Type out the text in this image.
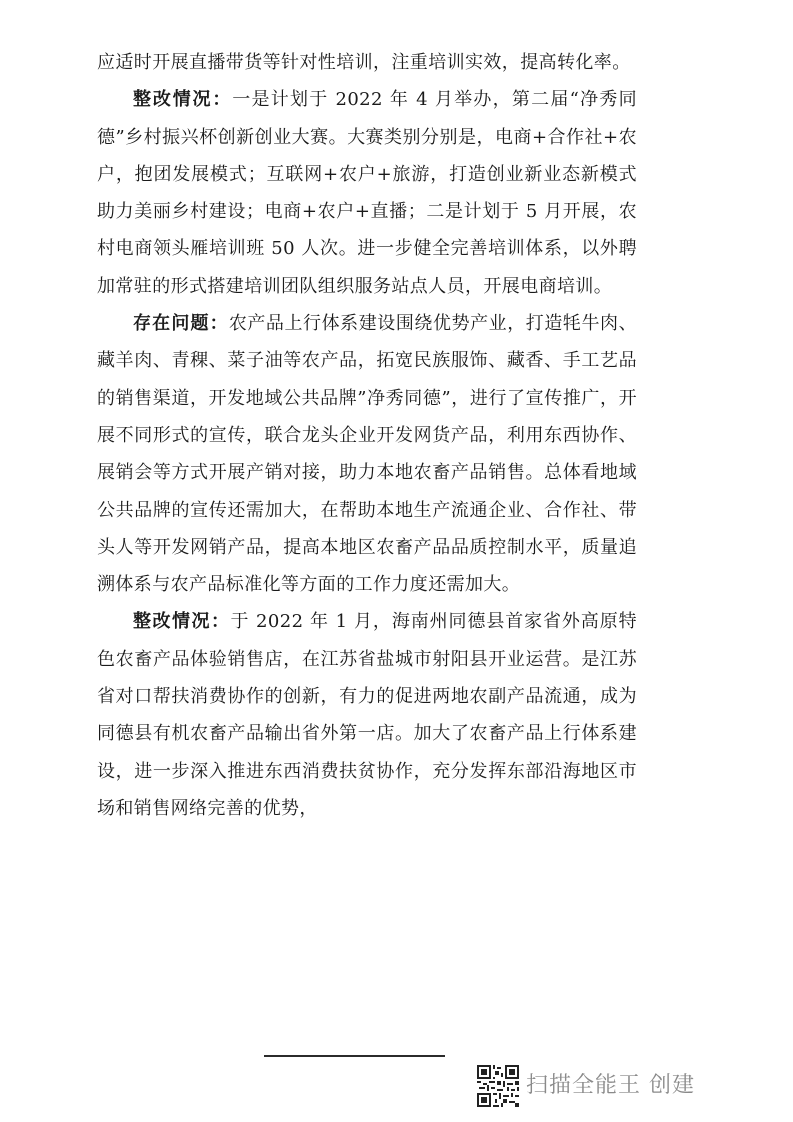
应适时开展直播带货等针对性培训，注重培训实效，提高转化率。

整改情况：一是计划于 2022 年 4 月举办，第二届“净秀同德”乡村振兴杯创新创业大赛。大赛类别分别是，电商+合作社+农户，抱团发展模式；互联网+农户+旅游，打造创业新业态新模式 助力美丽乡村建设；电商+农户+直播；二是计划于 5 月开展，农村电商领头雁培训班 50 人次。进一步健全完善培训体系，以外聘加常驻的形式搭建培训团队组织服务站点人员，开展电商培训。

存在问题：农产品上行体系建设围绕优势产业，打造牦牛肉、藏羊肉、青稞、菜子油等农产品，拓宽民族服饰、藏香、手工艺品的销售渠道，开发地域公共品牌”净秀同德”，进行了宣传推广，开展不同形式的宣传，联合龙头企业开发网货产品，利用东西协作、展销会等方式开展产销对接，助力本地农畜产品销售。总体看地域公共品牌的宣传还需加大，在帮助本地生产流通企业、合作社、带头人等开发网销产品，提高本地区农畜产品品质控制水平，质量追溯体系与农产品标准化等方面的工作力度还需加大。

整改情况：于 2022 年 1 月，海南州同德县首家省外高原特色农畜产品体验销售店，在江苏省盐城市射阳县开业运营。是江苏省对口帮扶消费协作的创新，有力的促进两地农副产品流通，成为同德县有机农畜产品输出省外第一店。加大了农畜产品上行体系建设，进一步深入推进东西消费扶贫协作，充分发挥东部沿海地区市场和销售网络完善的优势，

扫描全能王 创建
